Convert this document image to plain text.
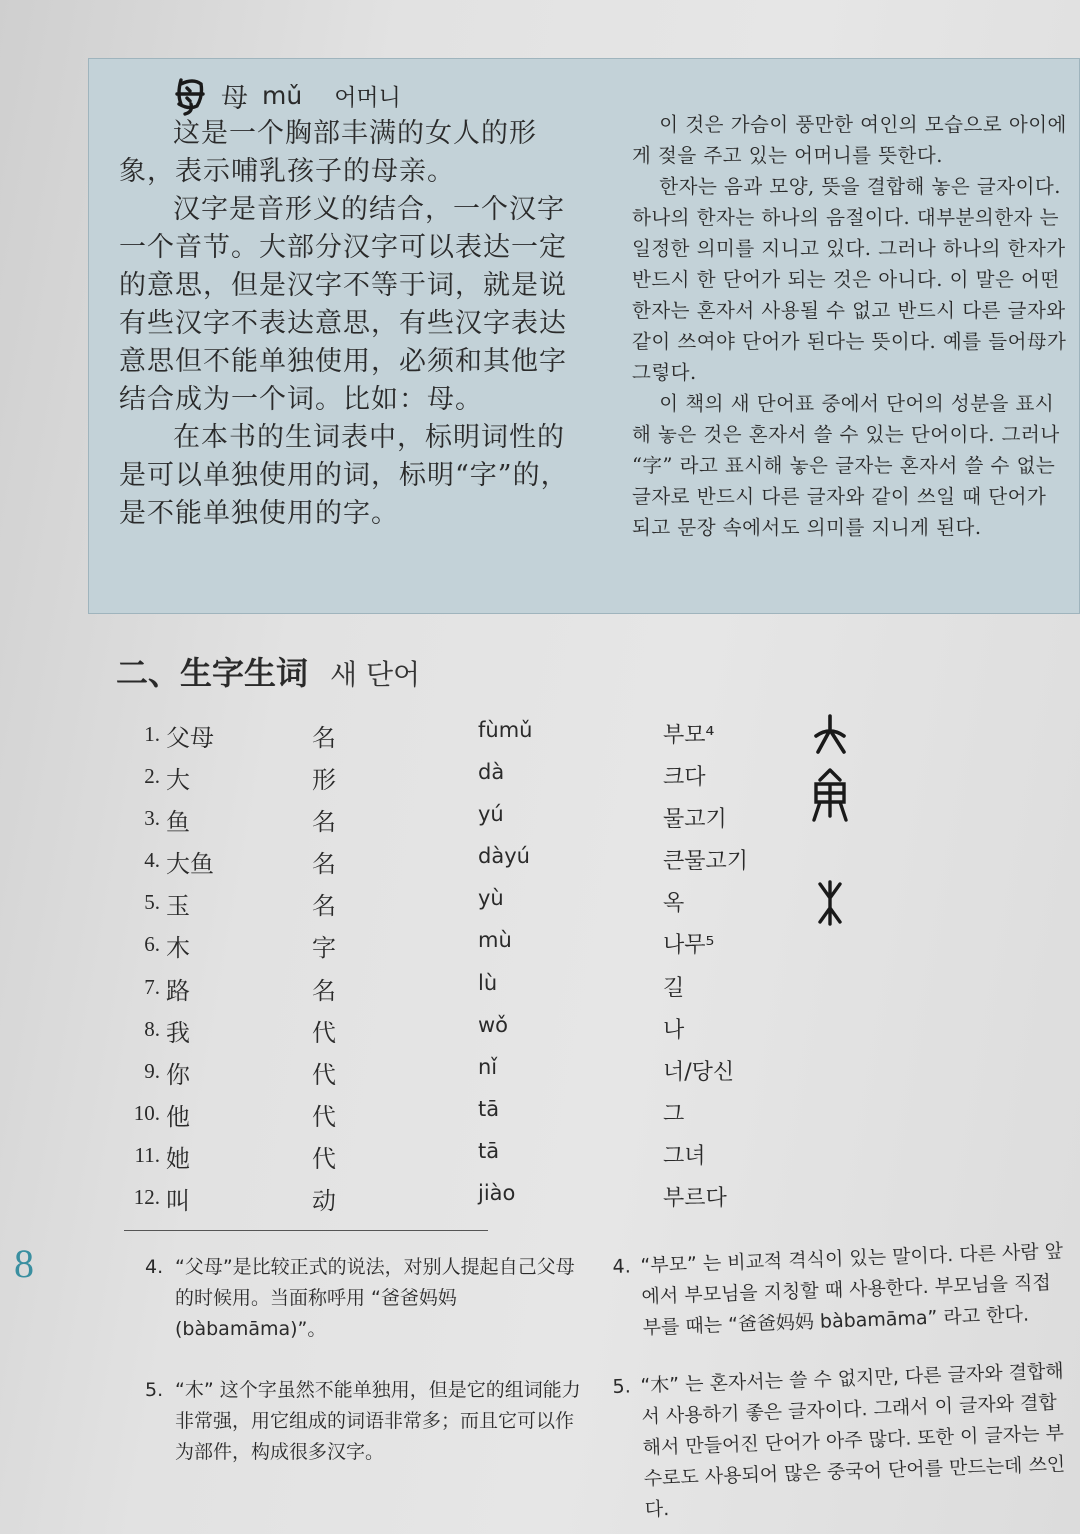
母 mǔ 어머니

这是一个胸部丰满的女人的形象，表示哺乳孩子的母亲。

汉字是音形义的结合，一个汉字一个音节。大部分汉字可以表达一定的意思，但是汉字不等于词，就是说有些汉字不表达意思，有些汉字表达意思但不能单独使用，必须和其他字结合成为一个词。比如：母。

在本书的生词表中，标明词性的是可以单独使用的词，标明“字”的，是不能单独使用的字。

이 것은 가슴이 풍만한 여인의 모습으로 아이에게 젖을 주고 있는 어머니를 뜻한다.

한자는 음과 모양, 뜻을 결합해 놓은 글자이다. 하나의 한자는 하나의 음절이다. 대부분의한자 는 일정한 의미를 지니고 있다. 그러나 하나의 한자가 반드시 한 단어가 되는 것은 아니다. 이 말은 어떤 한자는 혼자서 사용될 수 없고 반드시 다른 글자와 같이 쓰여야 단어가 된다는 뜻이다. 예를 들어母가 그렇다.

이 책의 새 단어표 중에서 단어의 성분을 표시해 놓은 것은 혼자서 쓸 수 있는 단어이다. 그러나 “字” 라고 표시해 놓은 글자는 혼자서 쓸 수 없는 글자로 반드시 다른 글자와 같이 쓰일 때 단어가 되고 문장 속에서도 의미를 지니게 된다.

二、生字生词 새 단어
1. 父母	名	fùmǔ	부모⁴
2. 大	形	dà	크다
3. 鱼	名	yú	물고기
4. 大鱼	名	dàyú	큰물고기
5. 玉	名	yù	옥
6. 木	字	mù	나무⁵
7. 路	名	lù	길
8. 我	代	wǒ	나
9. 你	代	nǐ	너/당신
10. 他	代	tā	그
11. 她	代	tā	그녀
12. 叫	动	jiào	부르다
8	4. “父母”是比较正式的说法，对别人提起自己父母的时候用。当面称呼用 “爸爸妈妈 (bàbamāma)”。
5. “木” 这个字虽然不能单独用，但是它的组词能力非常强，用它组成的词语非常多；而且它可以作为部件，构成很多汉字。
4. “부모” 는 비교적 격식이 있는 말이다. 다른 사람 앞에서 부모님을 지칭할 때 사용한다. 부모님을 직접 부를 때는 “爸爸妈妈 bàbamāma” 라고 한다.
5. “木” 는 혼자서는 쓸 수 없지만, 다른 글자와 결합해서 사용하기 좋은 글자이다. 그래서 이 글자와 결합해서 만들어진 단어가 아주 많다. 또한 이 글자는 부수로도 사용되어 많은 중국어 단어를 만드는데 쓰인다.
